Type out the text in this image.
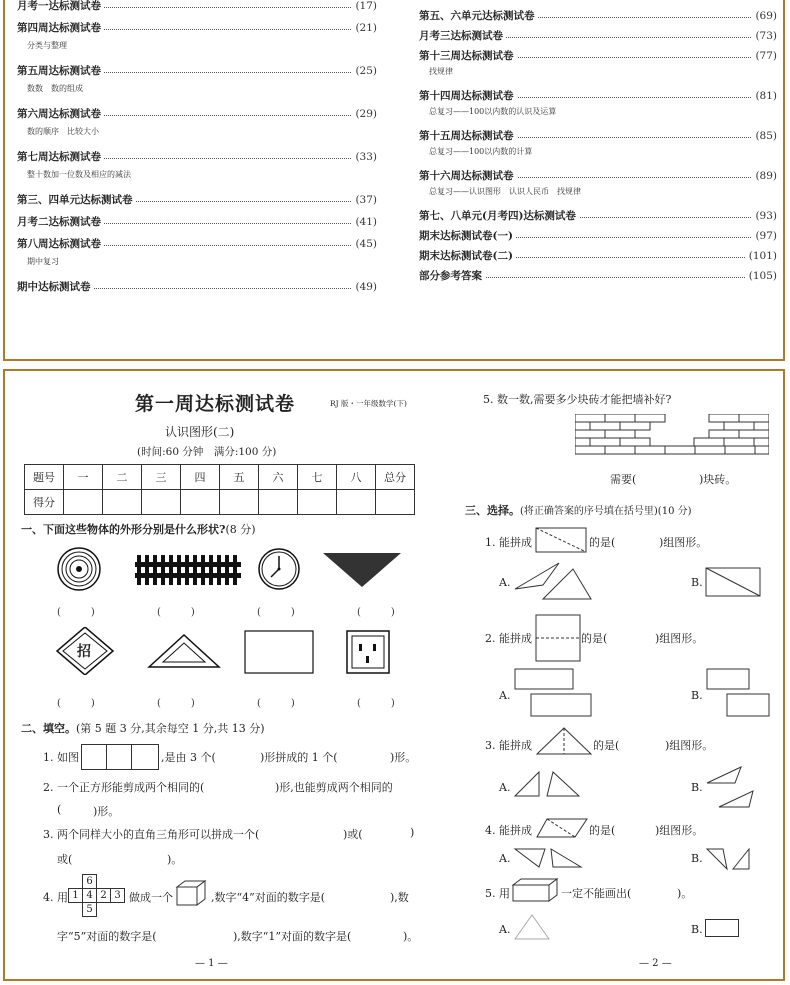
月考一达标测试卷	(17)
第四周达标测试卷	(21)
分类与整理
第五周达标测试卷	(25)
数数　数的组成
第六周达标测试卷	(29)
数的顺序　比较大小
第七周达标测试卷	(33)
整十数加一位数及相应的减法
第三、四单元达标测试卷	(37)
月考二达标测试卷	(41)
第八周达标测试卷	(45)
期中复习
期中达标测试卷	(49)
第五、六单元达标测试卷	(69)
月考三达标测试卷	(73)
第十三周达标测试卷	(77)
找规律
第十四周达标测试卷	(81)
总复习——100以内数的认识及运算
第十五周达标测试卷	(85)
总复习——100以内数的计算
第十六周达标测试卷	(89)
总复习——认识图形　认识人民币　找规律
第七、八单元(月考四)达标测试卷	(93)
期末达标测试卷(一)	(97)
期末达标测试卷(二)	(101)
部分参考答案	(105)
第一周达标测试卷	RJ 版・一年级数学(下)
认识图形(二)
(时间:60 分钟　满分:100 分)
题号	一	二	三	四	五	六	七	八	总分
得分									
一、下面这些物体的外形分别是什么形状?(8 分)
(　　　)	(　　　)	(　　　)	(　　　)
招
(　　　)	(　　　)	(　　　)	(　　　)
二、填空。(第 5 题 3 分,其余每空 1 分,共 13 分)
1. 如图	,是由 3 个(	)形拼成的 1 个(	)形。
2. 一个正方形能剪成两个相同的(	)形,也能剪成两个相同的
(	)形。
3. 两个同样大小的直角三角形可以拼成一个(	)或(	)
或(	)。
4. 用
6
1 4 2 3
5
做成一个	,数字“4”对面的数字是(	),数
字“5”对面的数字是(	),数字“1”对面的数字是(	)。
— 1 —
5. 数一数,需要多少块砖才能把墙补好?
需要(	)块砖。
三、选择。(将正确答案的序号填在括号里)(10 分)
1. 能拼成	的是(	)组图形。
A.	B.
2. 能拼成	的是(	)组图形。
A.	B.
3. 能拼成	的是(	)组图形。
A.	B.
4. 能拼成	的是(	)组图形。
A.	B.
5. 用	一定不能画出(	)。
A.	B.
— 2 —
